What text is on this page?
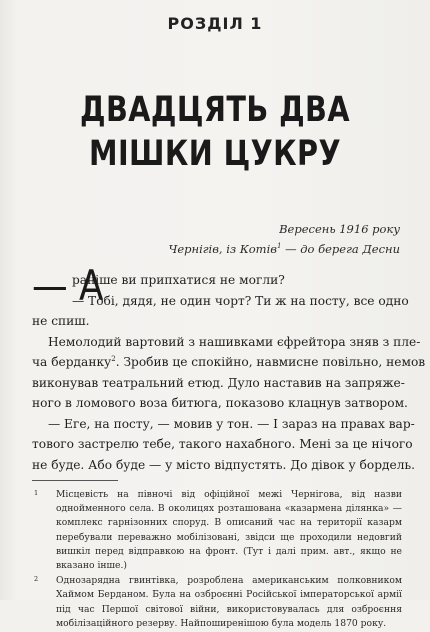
РОЗДІЛ 1
ДВАДЦЯТЬ ДВА
МІШКИ ЦУКРУ
Вересень 1916 року
Чернігів, із Котів$^1$ — до берега Десни
— А
раніше ви припхатися не могли?
— Тобі, дядя, не один чорт? Ти ж на посту, все одно
не спиш.
Немолодий вартовий з нашивками єфрейтора зняв з пле-
ча берданку$^2$. Зробив це спокійно, навмисне повільно, немов
виконував театральний етюд. Дуло наставив на запряже-
ного в ломового воза битюга, показово клацнув затвором.
— Еге, на посту, — мовив у тон. — І зараз на правах вар-
тового застрелю тебе, такого нахабного. Мені за це нічого
не буде. Або буде — у місто відпустять. До дівок у бордель.
1 Місцевість на півночі від офіційної межі Чернігова, від назви однойменного села. В околицях розташована «казармена ділянка» — комплекс гарнізонних споруд. В описаний час на території казарм перебували переважно мобілізовані, звідси ще проходили недовгий вишкіл перед відправкою на фронт. (Тут і далі прим. авт., якщо не вказано інше.)
2 Однозарядна гвинтівка, розроблена американським полковником Хаймом Берданом. Була на озброєнні Російської імператорської армії під час Першої світової війни, використовувалась для озброєння мобілізаційного резерву. Найпоширенішою була модель 1870 року.
